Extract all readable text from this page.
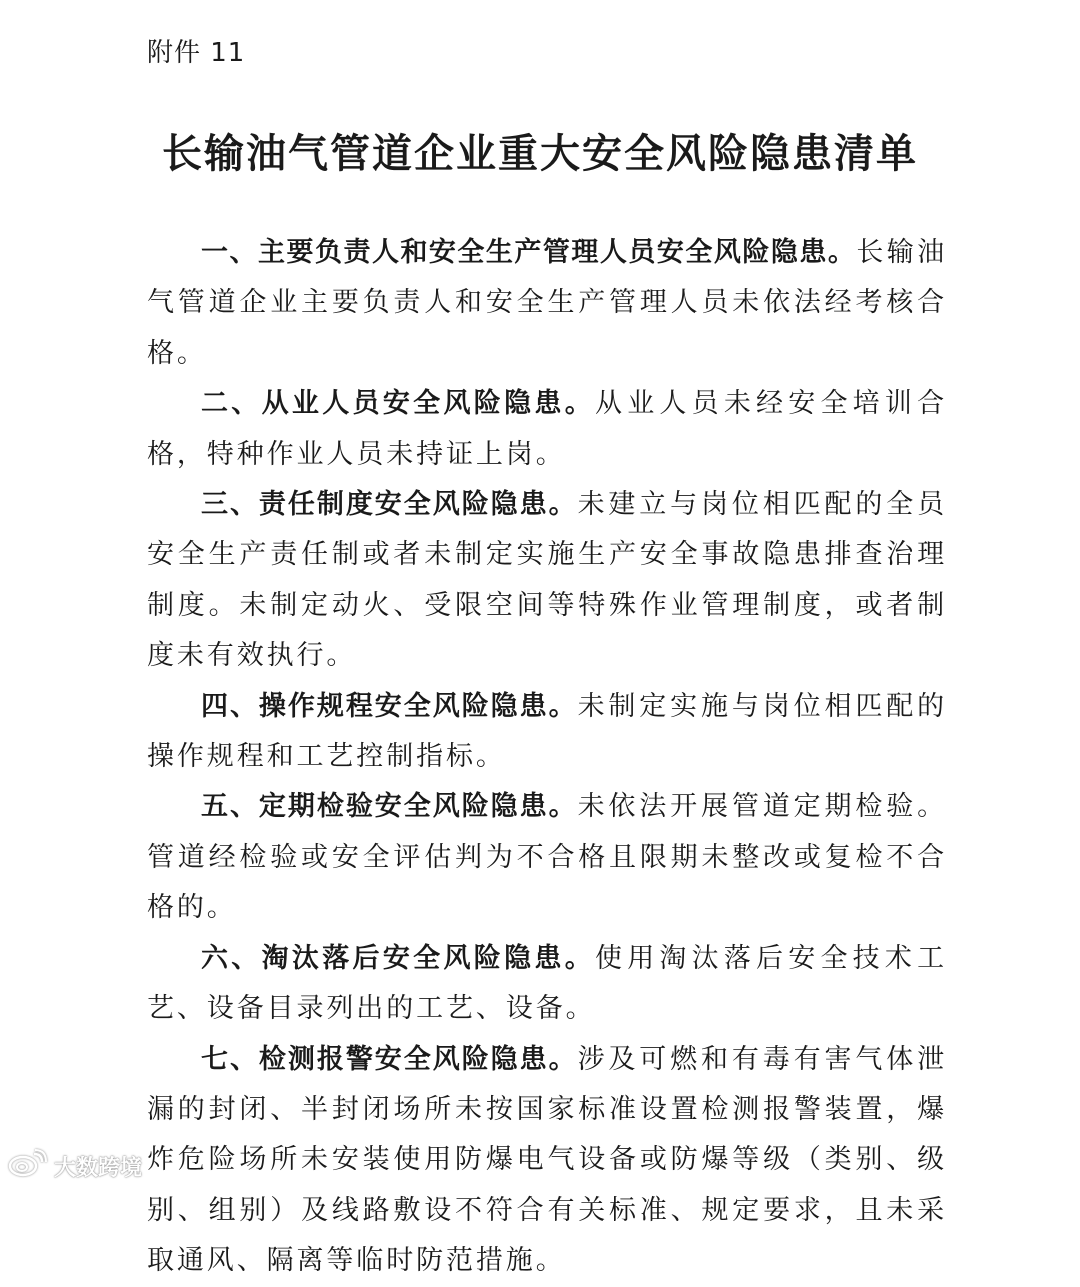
附件 11
长输油气管道企业重大安全风险隐患清单

一、主要负责人和安全生产管理人员安全风险隐患。长输油气管道企业主要负责人和安全生产管理人员未依法经考核合格。

二、从业人员安全风险隐患。从业人员未经安全培训合格，特种作业人员未持证上岗。

三、责任制度安全风险隐患。未建立与岗位相匹配的全员安全生产责任制或者未制定实施生产安全事故隐患排查治理制度。未制定动火、受限空间等特殊作业管理制度，或者制度未有效执行。

四、操作规程安全风险隐患。未制定实施与岗位相匹配的操作规程和工艺控制指标。

五、定期检验安全风险隐患。未依法开展管道定期检验。管道经检验或安全评估判为不合格且限期未整改或复检不合格的。

六、淘汰落后安全风险隐患。使用淘汰落后安全技术工艺、设备目录列出的工艺、设备。

七、检测报警安全风险隐患。涉及可燃和有毒有害气体泄漏的封闭、半封闭场所未按国家标准设置检测报警装置，爆炸危险场所未安装使用防爆电气设备或防爆等级（类别、级别、组别）及线路敷设不符合有关标准、规定要求，且未采取通风、隔离等临时防范措施。

大数跨境
